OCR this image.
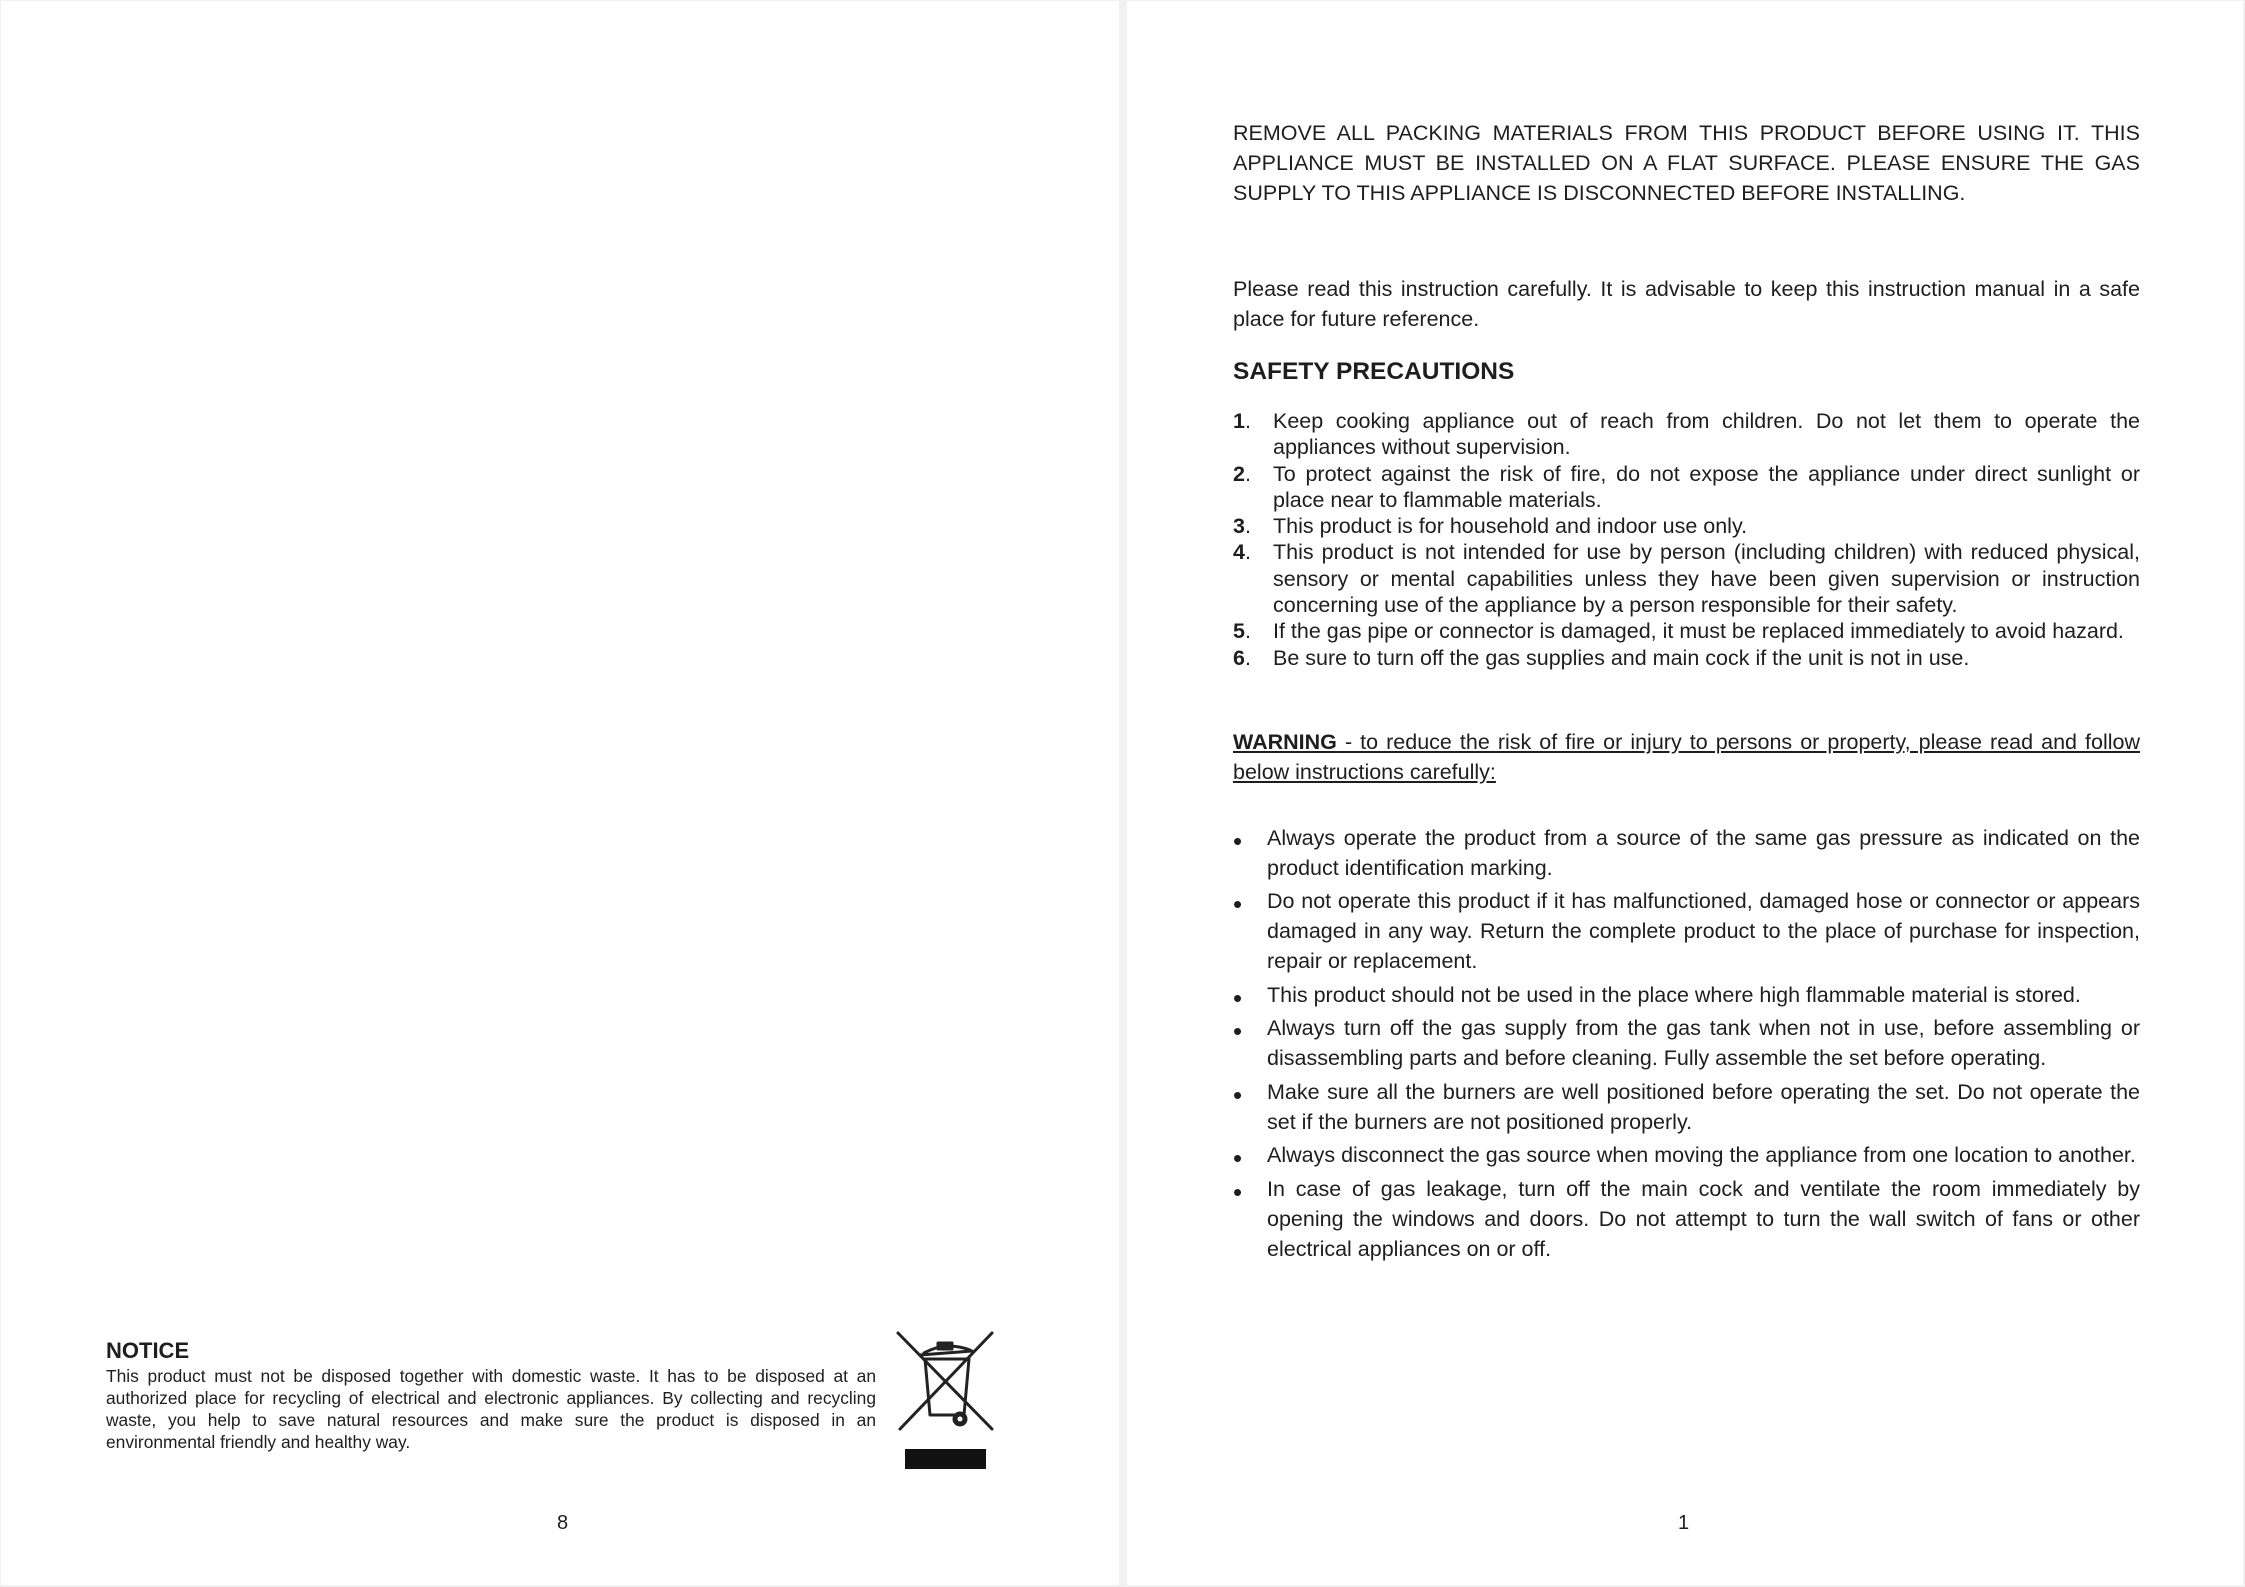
NOTICE

This product must not be disposed together with domestic waste. It has to be disposed at an authorized place for recycling of electrical and electronic appliances. By collecting and recycling waste, you help to save natural resources and make sure the product is disposed in an environmental friendly and healthy way.

8

REMOVE ALL PACKING MATERIALS FROM THIS PRODUCT BEFORE USING IT. THIS APPLIANCE MUST BE INSTALLED ON A FLAT SURFACE. PLEASE ENSURE THE GAS SUPPLY TO THIS APPLIANCE IS DISCONNECTED BEFORE INSTALLING.

Please read this instruction carefully. It is advisable to keep this instruction manual in a safe place for future reference.

SAFETY PRECAUTIONS
1. Keep cooking appliance out of reach from children. Do not let them to operate the appliances without supervision.
2. To protect against the risk of fire, do not expose the appliance under direct sunlight or place near to flammable materials.
3. This product is for household and indoor use only.
4. This product is not intended for use by person (including children) with reduced physical, sensory or mental capabilities unless they have been given supervision or instruction concerning use of the appliance by a person responsible for their safety.
5. If the gas pipe or connector is damaged, it must be replaced immediately to avoid hazard.
6. Be sure to turn off the gas supplies and main cock if the unit is not in use.

WARNING - to reduce the risk of fire or injury to persons or property, please read and follow below instructions carefully:

• Always operate the product from a source of the same gas pressure as indicated on the product identification marking.
• Do not operate this product if it has malfunctioned, damaged hose or connector or appears damaged in any way. Return the complete product to the place of purchase for inspection, repair or replacement.
• This product should not be used in the place where high flammable material is stored.
• Always turn off the gas supply from the gas tank when not in use, before assembling or disassembling parts and before cleaning. Fully assemble the set before operating.
• Make sure all the burners are well positioned before operating the set. Do not operate the set if the burners are not positioned properly.
• Always disconnect the gas source when moving the appliance from one location to another.
• In case of gas leakage, turn off the main cock and ventilate the room immediately by opening the windows and doors. Do not attempt to turn the wall switch of fans or other electrical appliances on or off.
1
